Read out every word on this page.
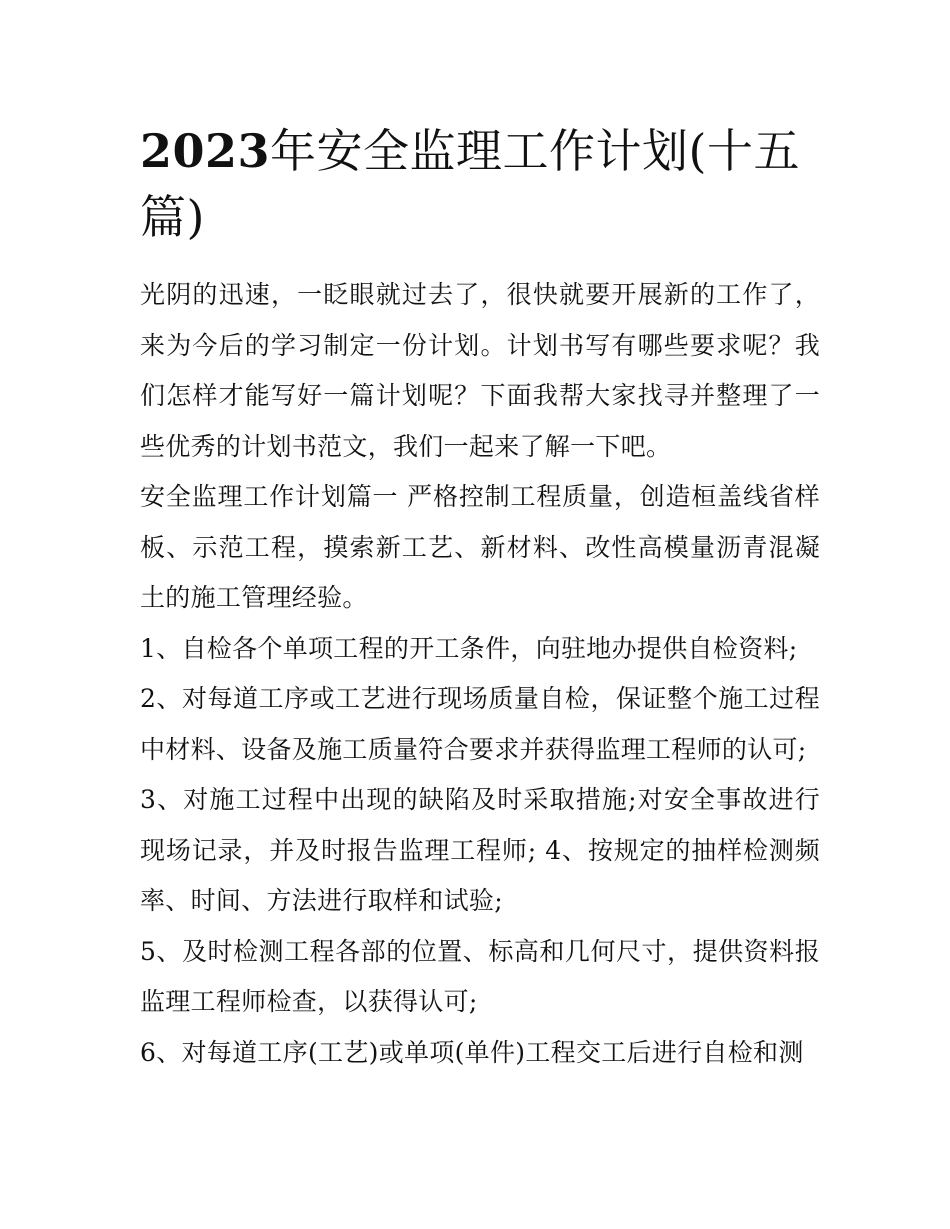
2023年安全监理工作计划(十五篇)

光阴的迅速，一眨眼就过去了，很快就要开展新的工作了，来为今后的学习制定一份计划。计划书写有哪些要求呢？我们怎样才能写好一篇计划呢？下面我帮大家找寻并整理了一些优秀的计划书范文，我们一起来了解一下吧。

安全监理工作计划篇一 严格控制工程质量，创造桓盖线省样板、示范工程，摸索新工艺、新材料、改性高模量沥青混凝土的施工管理经验。

1、自检各个单项工程的开工条件，向驻地办提供自检资料;

2、对每道工序或工艺进行现场质量自检，保证整个施工过程中材料、设备及施工质量符合要求并获得监理工程师的认可;

3、对施工过程中出现的缺陷及时采取措施;对安全事故进行现场记录，并及时报告监理工程师; 4、按规定的抽样检测频率、时间、方法进行取样和试验;

5、及时检测工程各部的位置、标高和几何尺寸，提供资料报监理工程师检查，以获得认可;

6、对每道工序(工艺)或单项(单件)工程交工后进行自检和测
